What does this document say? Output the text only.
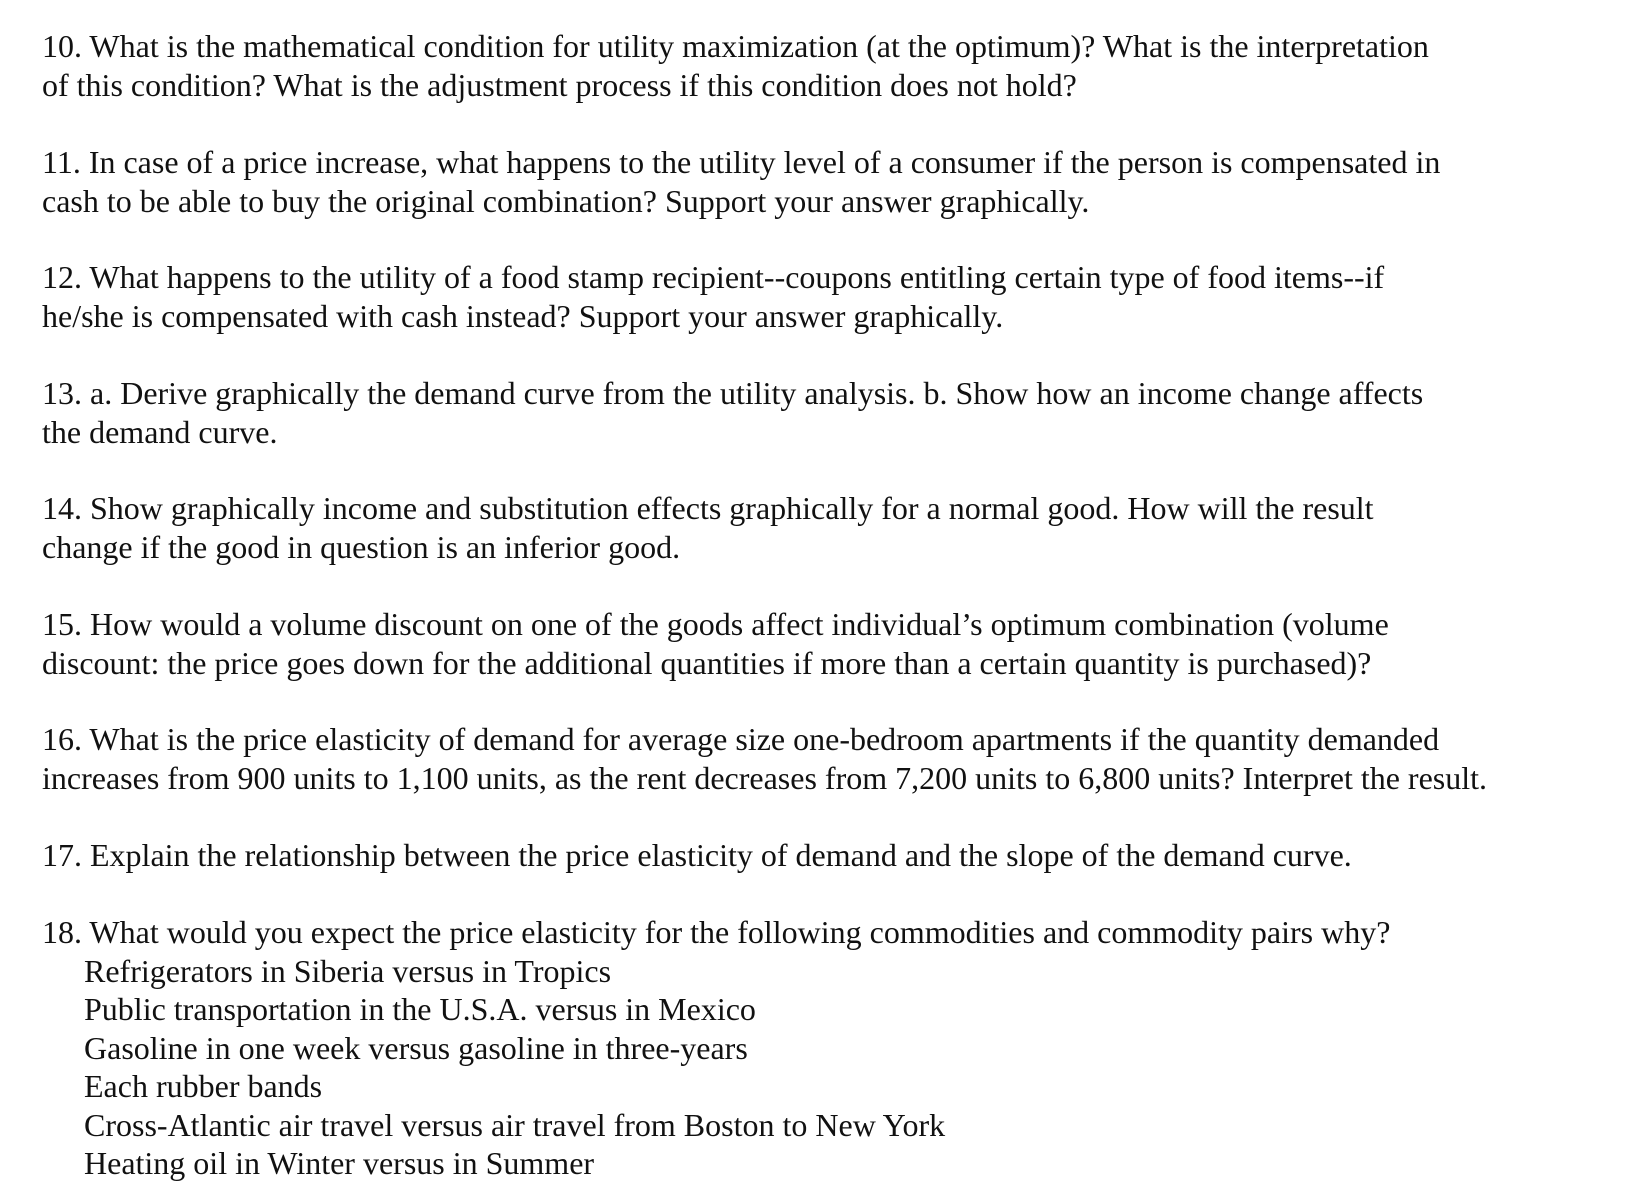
10. What is the mathematical condition for utility maximization (at the optimum)? What is the interpretation
of this condition? What is the adjustment process if this condition does not hold?
11. In case of a price increase, what happens to the utility level of a consumer if the person is compensated in
cash to be able to buy the original combination? Support your answer graphically.
12. What happens to the utility of a food stamp recipient--coupons entitling certain type of food items--if
he/she is compensated with cash instead? Support your answer graphically.
13. a. Derive graphically the demand curve from the utility analysis. b. Show how an income change affects
the demand curve.
14. Show graphically income and substitution effects graphically for a normal good. How will the result
change if the good in question is an inferior good.
15. How would a volume discount on one of the goods affect individual’s optimum combination (volume
discount: the price goes down for the additional quantities if more than a certain quantity is purchased)?
16. What is the price elasticity of demand for average size one-bedroom apartments if the quantity demanded
increases from 900 units to 1,100 units, as the rent decreases from 7,200 units to 6,800 units? Interpret the result.
17. Explain the relationship between the price elasticity of demand and the slope of the demand curve.
18. What would you expect the price elasticity for the following commodities and commodity pairs why?
Refrigerators in Siberia versus in Tropics
Public transportation in the U.S.A. versus in Mexico
Gasoline in one week versus gasoline in three-years
Each rubber bands
Cross-Atlantic air travel versus air travel from Boston to New York
Heating oil in Winter versus in Summer
